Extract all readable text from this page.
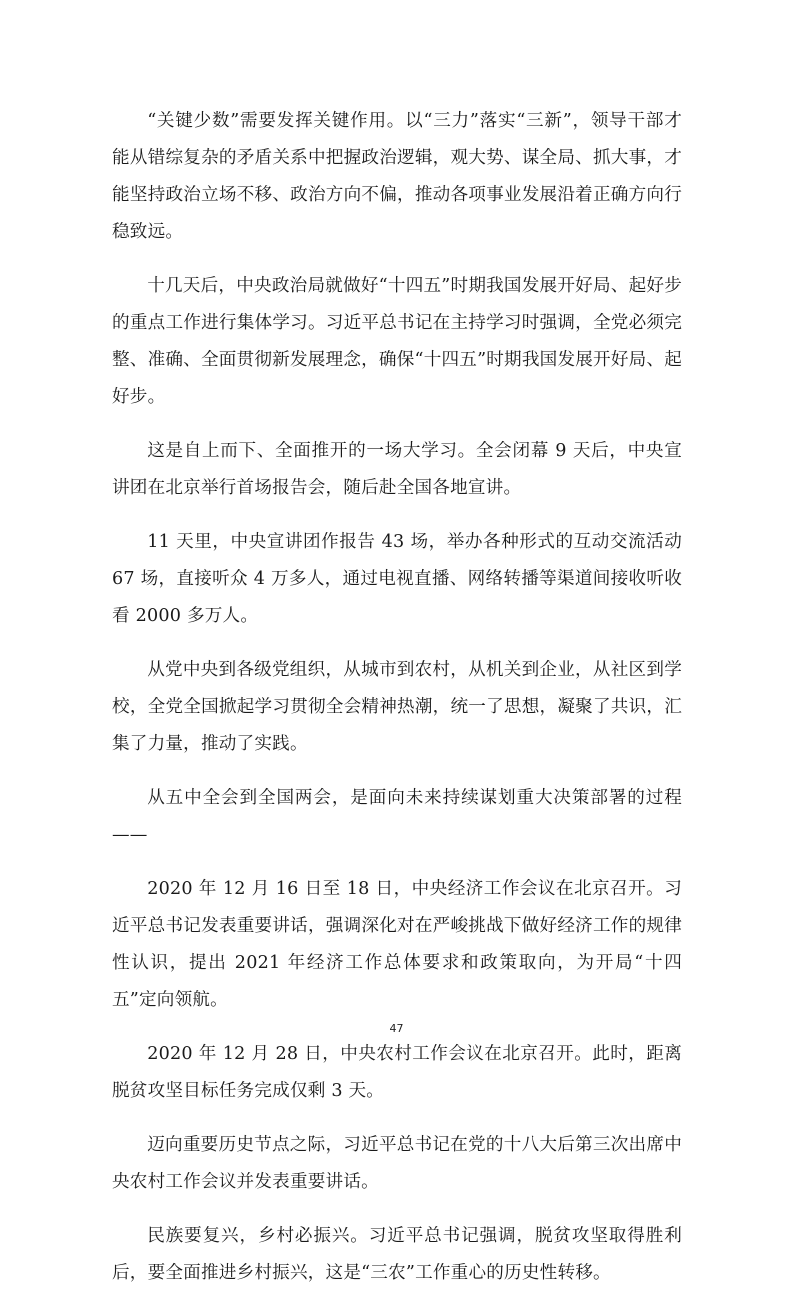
“关键少数”需要发挥关键作用。以“三力”落实“三新”，领导干部才能从错综复杂的矛盾关系中把握政治逻辑，观大势、谋全局、抓大事，才能坚持政治立场不移、政治方向不偏，推动各项事业发展沿着正确方向行稳致远。

十几天后，中央政治局就做好“十四五”时期我国发展开好局、起好步的重点工作进行集体学习。习近平总书记在主持学习时强调，全党必须完整、准确、全面贯彻新发展理念，确保“十四五”时期我国发展开好局、起好步。

这是自上而下、全面推开的一场大学习。全会闭幕 9 天后，中央宣讲团在北京举行首场报告会，随后赴全国各地宣讲。

11 天里，中央宣讲团作报告 43 场，举办各种形式的互动交流活动 67 场，直接听众 4 万多人，通过电视直播、网络转播等渠道间接收听收看 2000 多万人。

从党中央到各级党组织，从城市到农村，从机关到企业，从社区到学校，全党全国掀起学习贯彻全会精神热潮，统一了思想，凝聚了共识，汇集了力量，推动了实践。

从五中全会到全国两会，是面向未来持续谋划重大决策部署的过程——

2020 年 12 月 16 日至 18 日，中央经济工作会议在北京召开。习近平总书记发表重要讲话，强调深化对在严峻挑战下做好经济工作的规律性认识，提出 2021 年经济工作总体要求和政策取向，为开局“十四五”定向领航。

2020 年 12 月 28 日，中央农村工作会议在北京召开。此时，距离脱贫攻坚目标任务完成仅剩 3 天。

迈向重要历史节点之际，习近平总书记在党的十八大后第三次出席中央农村工作会议并发表重要讲话。

民族要复兴，乡村必振兴。习近平总书记强调，脱贫攻坚取得胜利后，要全面推进乡村振兴，这是“三农”工作重心的历史性转移。

47
